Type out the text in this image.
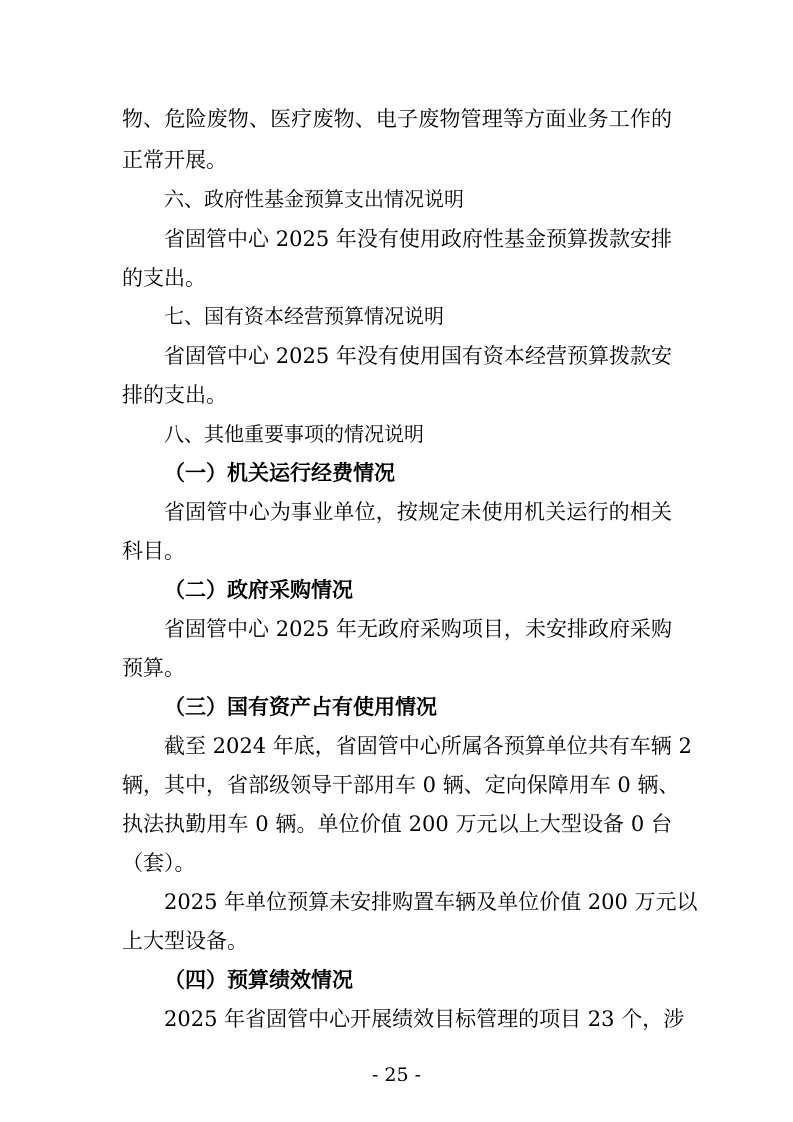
物、危险废物、医疗废物、电子废物管理等方面业务工作的
正常开展。
六、政府性基金预算支出情况说明
省固管中心 2025 年没有使用政府性基金预算拨款安排
的支出。
七、国有资本经营预算情况说明
省固管中心 2025 年没有使用国有资本经营预算拨款安
排的支出。
八、其他重要事项的情况说明
（一）机关运行经费情况
省固管中心为事业单位，按规定未使用机关运行的相关
科目。
（二）政府采购情况
省固管中心 2025 年无政府采购项目，未安排政府采购
预算。
（三）国有资产占有使用情况
截至 2024 年底，省固管中心所属各预算单位共有车辆 2
辆，其中，省部级领导干部用车 0 辆、定向保障用车 0 辆、
执法执勤用车 0 辆。单位价值 200 万元以上大型设备 0 台
（套）。
2025 年单位预算未安排购置车辆及单位价值 200 万元以
上大型设备。
（四）预算绩效情况
2025 年省固管中心开展绩效目标管理的项目 23 个，涉
- 25 -
